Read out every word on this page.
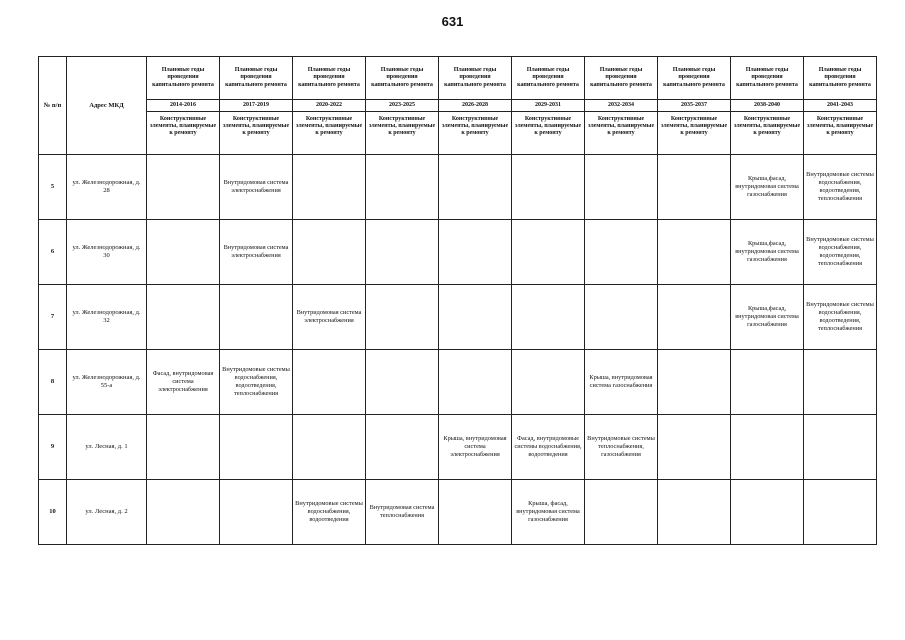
631
№ п/п	Адрес МКД	Плановые годы проведения капитального ремонта	Плановые годы проведения капитального ремонта	Плановые годы проведения капитального ремонта	Плановые годы проведения капитального ремонта	Плановые годы проведения капитального ремонта	Плановые годы проведения капитального ремонта	Плановые годы проведения капитального ремонта	Плановые годы проведения капитального ремонта	Плановые годы проведения капитального ремонта	Плановые годы проведения капитального ремонта
		2014-2016	2017-2019	2020-2022	2023-2025	2026-2028	2029-2031	2032-2034	2035-2037	2038-2040	2041-2043
		Конструктивные элементы, планируемые к ремонту	Конструктивные элементы, планируемые к ремонту	Конструктивные элементы, планируемые к ремонту	Конструктивные элементы, планируемые к ремонту	Конструктивные элементы, планируемые к ремонту	Конструктивные элементы, планируемые к ремонту	Конструктивные элементы, планируемые к ремонту	Конструктивные элементы, планируемые к ремонту	Конструктивные элементы, планируемые к ремонту	Конструктивные элементы, планируемые к ремонту
5	ул. Железнодорожная, д. 28		Внутридомовая система электроснабжения							Крыша,фасад, внутридомовая система газоснабжения	Внутридомовые системы водоснабжения, водоотведения, теплоснабжения
6	ул. Железнодорожная, д. 30		Внутридомовая система электроснабжения							Крыша,фасад, внутридомовая система газоснабжения	Внутридомовые системы водоснабжения, водоотведения, теплоснабжения
7	ул. Железнодорожная, д. 32			Внутридомовая система электроснабжения						Крыша,фасад, внутридомовая система газоснабжения	Внутридомовые системы водоснабжения, водоотведения, теплоснабжения
8	ул. Железнодорожная, д. 55-а	Фасад, внутридомовая система электроснабжения	Внутридомовые системы водоснабжения, водоотведения, теплоснабжения					Крыша, внутридомовая система газоснабжения			
9	ул. Лесная, д. 1					Крыша, внутридомовая система электроснабжения	Фасад, внутридомовые системы водоснабжения, водоотведения	Внутридомовые системы теплоснабжения, газоснабжения			
10	ул. Лесная, д. 2			Внутридомовые системы водоснабжения, водоотведения	Внутридомовая система теплоснабжения		Крыша, фасад, внутридомовая система газоснабжения				
